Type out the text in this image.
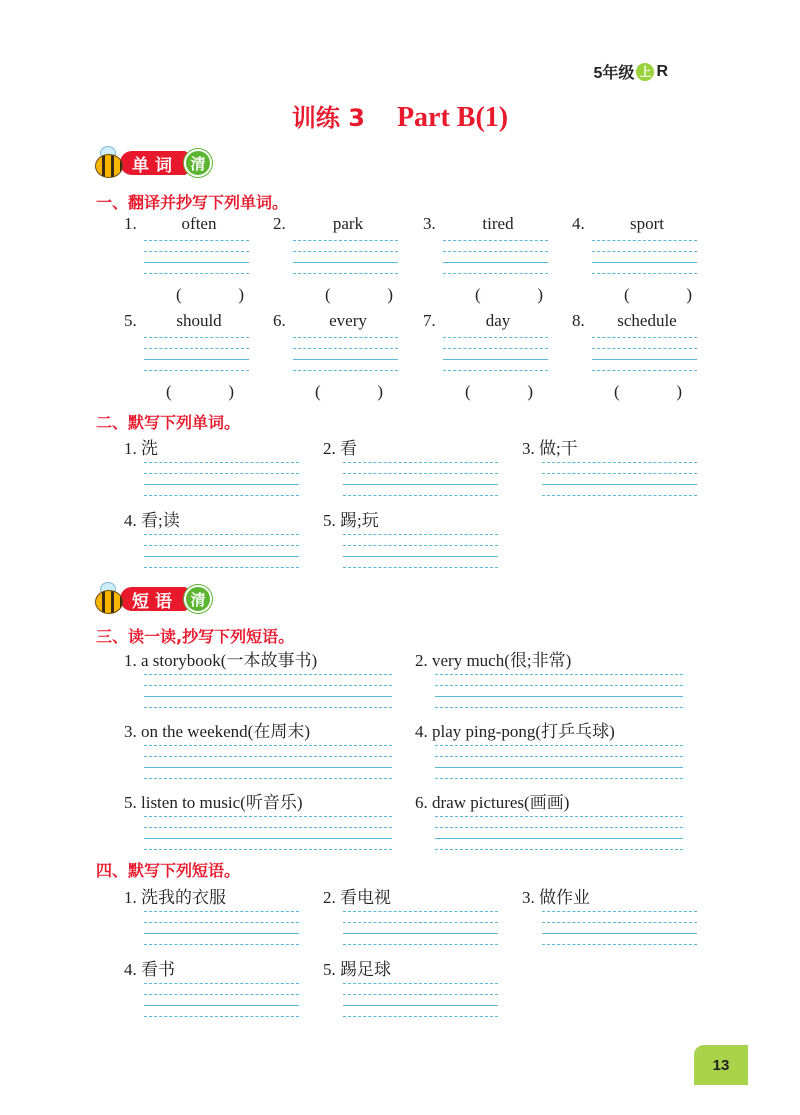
5年级 上 R
训练 3 Part B(1)
单词 清
一、翻译并抄写下列单词。
1.	often
(	)
2.	park
(	)
3.	tired
(	)
4.	sport
(	)
5.	should
(	)
6.	every
(	)
7.	day
(	)
8.	schedule
(	)
二、默写下列单词。
1. 洗	2. 看	3. 做;干
4. 看;读	5. 踢;玩
短语 清
三、读一读,抄写下列短语。
1. a storybook(一本故事书)	2. very much(很;非常)
3. on the weekend(在周末)	4. play ping-pong(打乒乓球)
5. listen to music(听音乐)	6. draw pictures(画画)
四、默写下列短语。
1. 洗我的衣服	2. 看电视	3. 做作业
4. 看书	5. 踢足球
13
